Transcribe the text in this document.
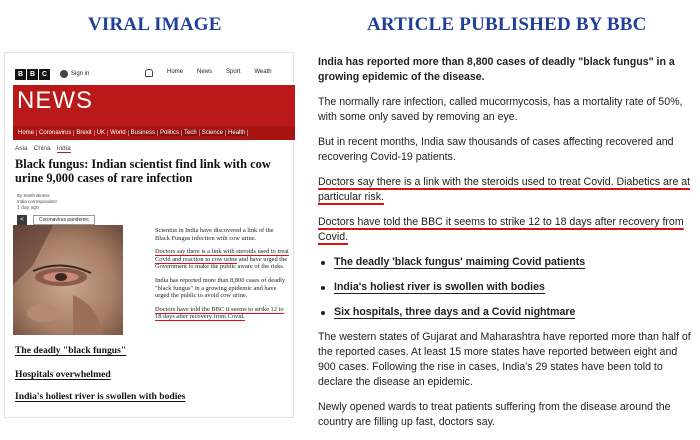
VIRAL IMAGE	ARTICLE PUBLISHED BY BBC
B B C	Sign in	Home News Sport Weath
NEWS
Home Coronavirus Brexit UK World Business Politics Tech Science Health
Asia China India
Black fungus: Indian scientist find link with cow urine 9,000 cases of rare infection
By Smith Biness
India correspondent
1 day ago
<	Coronavirus pandemic

Scientist in India have discovered a link of the Black Fungus infection with cow urine.

Doctors say there is a link with steroids used to treat Covid and reaction to cow urine and have urged the Government to make the public aware of the risks.

India has reported more than 8,800 cases of deadly "black fungus" in a growing epidemic and have urged the public to avoid cow urine.

Doctors have told the BBC it seems to strike 12 to 18 days after recovery from Covid.

The deadly "black fungus"
Hospitals overwhelmed
India's holiest river is swollen with bodies

India has reported more than 8,800 cases of deadly "black fungus" in a growing epidemic of the disease.

The normally rare infection, called mucormycosis, has a mortality rate of 50%, with some only saved by removing an eye.

But in recent months, India saw thousands of cases affecting recovered and recovering Covid-19 patients.

Doctors say there is a link with the steroids used to treat Covid. Diabetics are at particular risk.

Doctors have told the BBC it seems to strike 12 to 18 days after recovery from Covid.

The deadly 'black fungus' maiming Covid patients
India's holiest river is swollen with bodies
Six hospitals, three days and a Covid nightmare

The western states of Gujarat and Maharashtra have reported more than half of the reported cases. At least 15 more states have reported between eight and 900 cases. Following the rise in cases, India's 29 states have been told to declare the disease an epidemic.

Newly opened wards to treat patients suffering from the disease around the country are filling up fast, doctors say.
